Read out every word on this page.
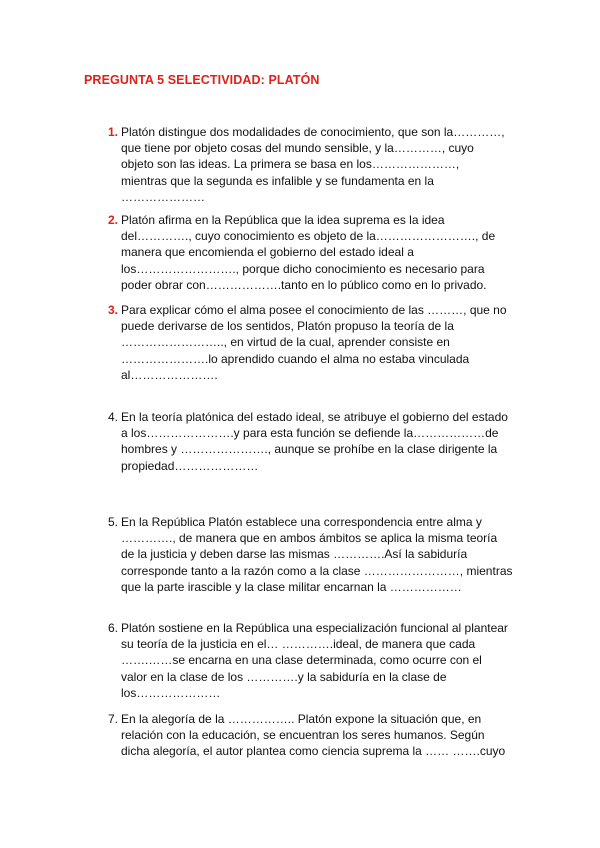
PREGUNTA 5 SELECTIVIDAD: PLATÓN
1. Platón distingue dos modalidades de conocimiento, que son la…………,
que tiene por objeto cosas del mundo sensible, y la…………, cuyo
objeto son las ideas. La primera se basa en los…………………,
mientras que la segunda es infalible y se fundamenta en la
…………………
2. Platón afirma en la República que la idea suprema es la idea
del…………., cuyo conocimiento es objeto de la……………………., de
manera que encomienda el gobierno del estado ideal a
los……………………., porque dicho conocimiento es necesario para
poder obrar con……………….tanto en lo público como en lo privado.
3. Para explicar cómo el alma posee el conocimiento de las ………, que no
puede derivarse de los sentidos, Platón propuso la teoría de la
…………………….., en virtud de la cual, aprender consiste en
………………….lo aprendido cuando el alma no estaba vinculada
al………………….
4. En la teoría platónica del estado ideal, se atribuye el gobierno del estado
a los………………….y para esta función se defiende la………………de
hombres y …………………., aunque se prohíbe en la clase dirigente la
propiedad…………………
5. En la República Platón establece una correspondencia entre alma y
…………., de manera que en ambos ámbitos se aplica la misma teoría
de la justicia y deben darse las mismas ………….Así la sabiduría
corresponde tanto a la razón como a la clase ……………………, mientras
que la parte irascible y la clase militar encarnan la ………………
6. Platón sostiene en la República una especialización funcional al plantear
su teoría de la justicia en el… ………….ideal, de manera que cada
…….……se encarna en una clase determinada, como ocurre con el
valor en la clase de los ………….y la sabiduría en la clase de
los…………………
7. En la alegoría de la …………….. Platón expone la situación que, en
relación con la educación, se encuentran los seres humanos. Según
dicha alegoría, el autor plantea como ciencia suprema la …… …….cuyo
